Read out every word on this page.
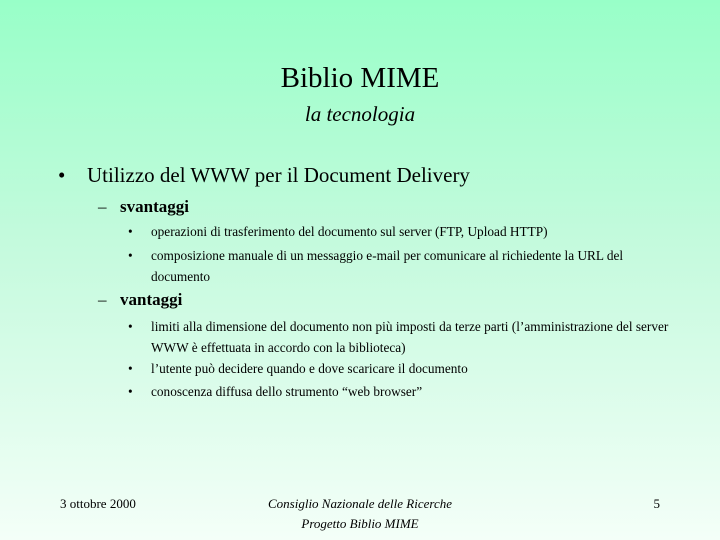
Biblio MIME
la tecnologia
•	Utilizzo del WWW per il Document Delivery
– svantaggi
•	operazioni di trasferimento del documento sul server (FTP, Upload HTTP)
•	composizione manuale di un messaggio e-mail per comunicare al richiedente la URL del documento
– vantaggi
•	limiti alla dimensione del documento non più imposti da terze parti (l’amministrazione del server WWW è effettuata in accordo con la biblioteca)
•	l’utente può decidere quando e dove scaricare il documento
•	conoscenza diffusa dello strumento “web browser”
3 ottobre 2000	Consiglio Nazionale delle Ricerche
Progetto Biblio MIME
5
